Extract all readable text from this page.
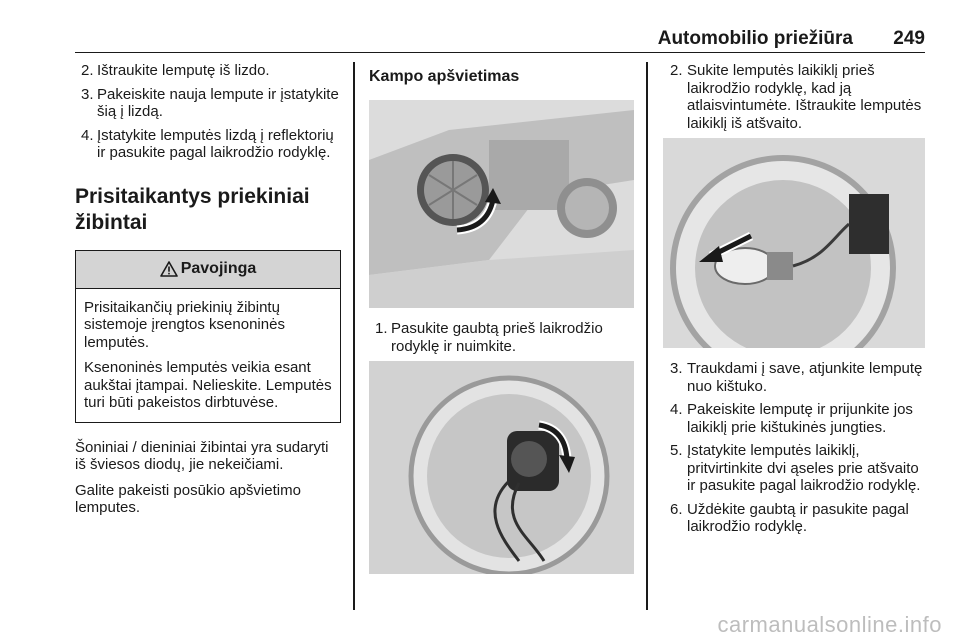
Automobilio priežiūra 249
2. Ištraukite lemputę iš lizdo.
3. Pakeiskite nauja lempute ir įstatykite šią į lizdą.
4. Įstatykite lemputės lizdą į reflektorių ir pasukite pagal laikrodžio rodyklę.
Prisitaikantys priekiniai žibintai
Pavojinga

Prisitaikančių priekinių žibintų sistemoje įrengtos ksenoninės lemputės.

Ksenoninės lemputės veikia esant aukštai įtampai. Nelieskite. Lemputės turi būti pakeistos dirbtuvėse.

Šoniniai / dieniniai žibintai yra sudaryti iš šviesos diodų, jie nekeičiami.

Galite pakeisti posūkio apšvietimo lemputes.

Kampo apšvietimas
1. Pasukite gaubtą prieš laikrodžio rodyklę ir nuimkite.
2. Sukite lemputės laikiklį prieš laikrodžio rodyklę, kad ją atlaisvintumėte. Ištraukite lemputės laikiklį iš atšvaito.
3. Traukdami į save, atjunkite lemputę nuo kištuko.
4. Pakeiskite lemputę ir prijunkite jos laikiklį prie kištukinės jungties.
5. Įstatykite lemputės laikiklį, pritvirtinkite dvi ąseles prie atšvaito ir pasukite pagal laikrodžio rodyklę.
6. Uždėkite gaubtą ir pasukite pagal laikrodžio rodyklę.
carmanualsonline.info
